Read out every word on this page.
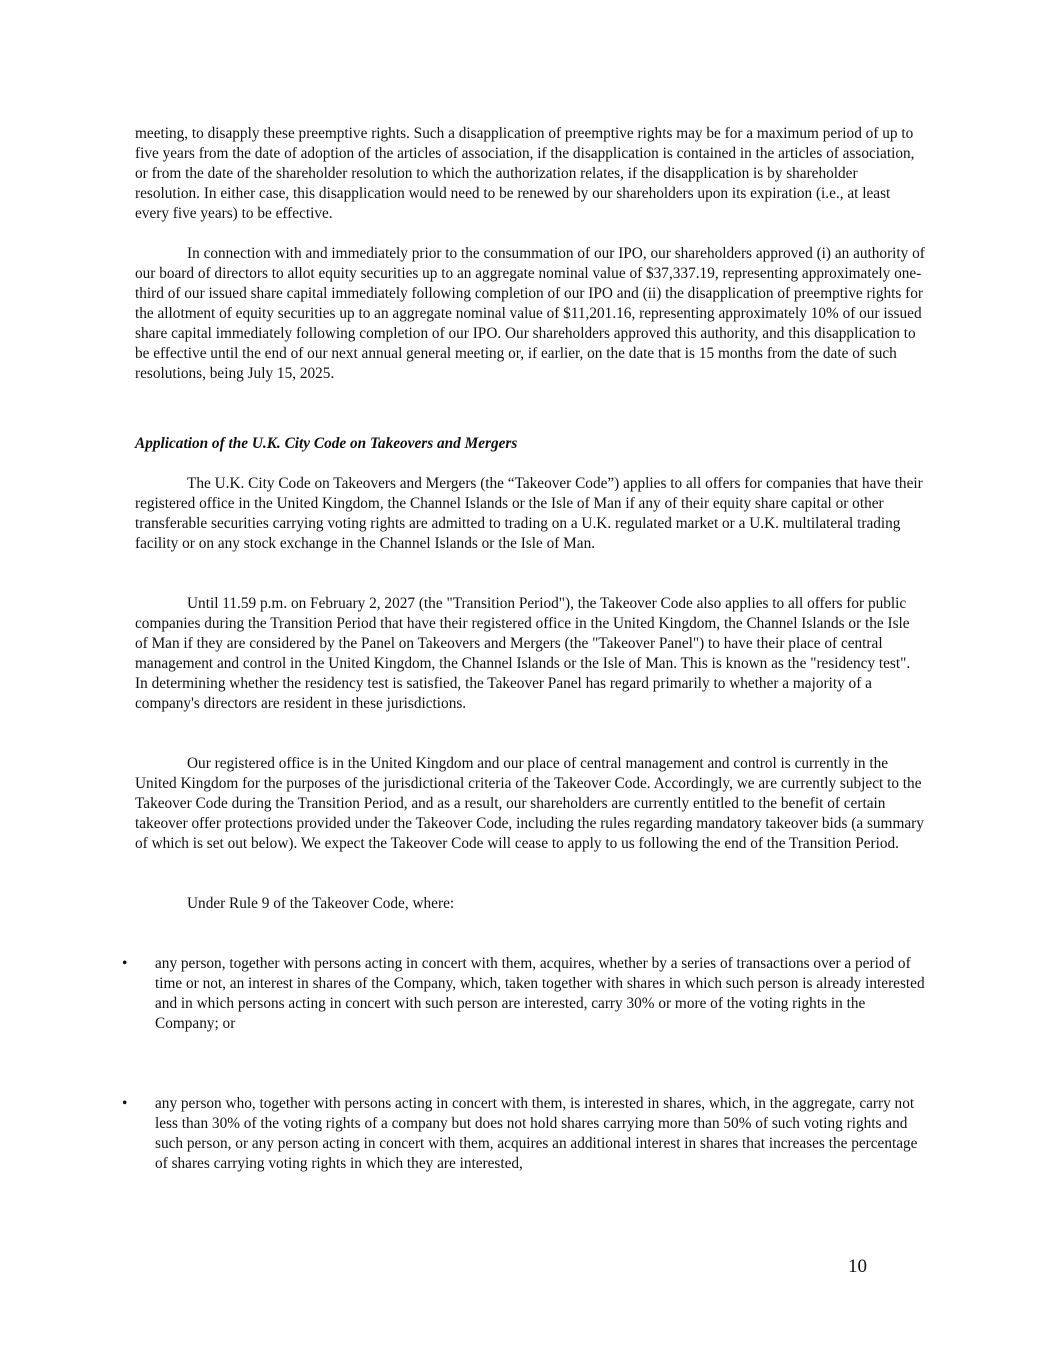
meeting, to disapply these preemptive rights. Such a disapplication of preemptive rights may be for a maximum period of up to five years from the date of adoption of the articles of association, if the disapplication is contained in the articles of association, or from the date of the shareholder resolution to which the authorization relates, if the disapplication is by shareholder resolution. In either case, this disapplication would need to be renewed by our shareholders upon its expiration (i.e., at least every five years) to be effective.

In connection with and immediately prior to the consummation of our IPO, our shareholders approved (i) an authority of our board of directors to allot equity securities up to an aggregate nominal value of $37,337.19, representing approximately one-third of our issued share capital immediately following completion of our IPO and (ii) the disapplication of preemptive rights for the allotment of equity securities up to an aggregate nominal value of $11,201.16, representing approximately 10% of our issued share capital immediately following completion of our IPO. Our shareholders approved this authority, and this disapplication to be effective until the end of our next annual general meeting or, if earlier, on the date that is 15 months from the date of such resolutions, being July 15, 2025.

Application of the U.K. City Code on Takeovers and Mergers

The U.K. City Code on Takeovers and Mergers (the “Takeover Code”) applies to all offers for companies that have their registered office in the United Kingdom, the Channel Islands or the Isle of Man if any of their equity share capital or other transferable securities carrying voting rights are admitted to trading on a U.K. regulated market or a U.K. multilateral trading facility or on any stock exchange in the Channel Islands or the Isle of Man.

Until 11.59 p.m. on February 2, 2027 (the "Transition Period"), the Takeover Code also applies to all offers for public companies during the Transition Period that have their registered office in the United Kingdom, the Channel Islands or the Isle of Man if they are considered by the Panel on Takeovers and Mergers (the "Takeover Panel") to have their place of central management and control in the United Kingdom, the Channel Islands or the Isle of Man. This is known as the "residency test". In determining whether the residency test is satisfied, the Takeover Panel has regard primarily to whether a majority of a company's directors are resident in these jurisdictions.

Our registered office is in the United Kingdom and our place of central management and control is currently in the United Kingdom for the purposes of the jurisdictional criteria of the Takeover Code. Accordingly, we are currently subject to the Takeover Code during the Transition Period, and as a result, our shareholders are currently entitled to the benefit of certain takeover offer protections provided under the Takeover Code, including the rules regarding mandatory takeover bids (a summary of which is set out below). We expect the Takeover Code will cease to apply to us following the end of the Transition Period.

Under Rule 9 of the Takeover Code, where:

•	any person, together with persons acting in concert with them, acquires, whether by a series of transactions over a period of time or not, an interest in shares of the Company, which, taken together with shares in which such person is already interested and in which persons acting in concert with such person are interested, carry 30% or more of the voting rights in the Company; or

•	any person who, together with persons acting in concert with them, is interested in shares, which, in the aggregate, carry not less than 30% of the voting rights of a company but does not hold shares carrying more than 50% of such voting rights and such person, or any person acting in concert with them, acquires an additional interest in shares that increases the percentage of shares carrying voting rights in which they are interested,

10
